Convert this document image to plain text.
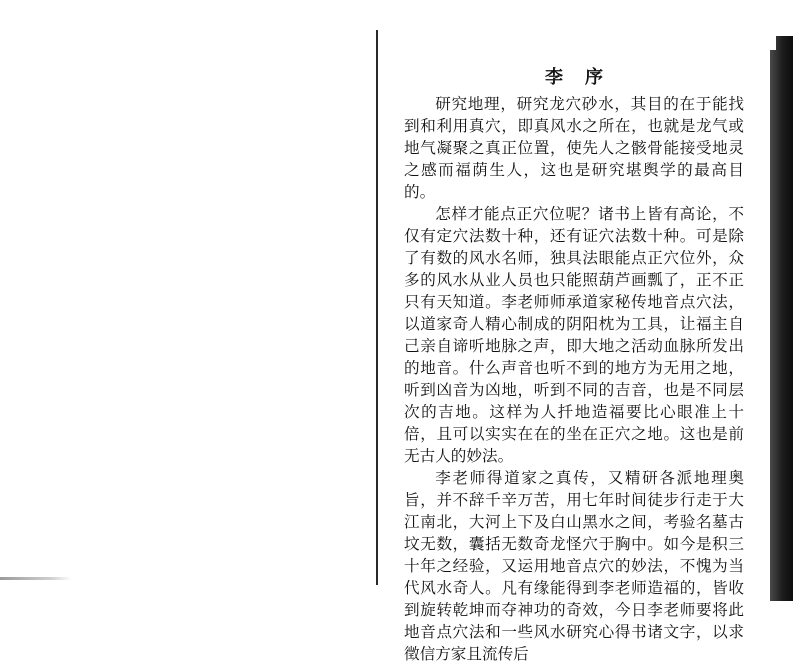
李序

研究地理，研究龙穴砂水，其目的在于能找到和利用真穴，即真风水之所在，也就是龙气或地气凝聚之真正位置，使先人之骸骨能接受地灵之感而福荫生人，这也是研究堪舆学的最高目的。

怎样才能点正穴位呢？诸书上皆有高论，不仅有定穴法数十种，还有证穴法数十种。可是除了有数的风水名师，独具法眼能点正穴位外，众多的风水从业人员也只能照葫芦画瓢了，正不正只有天知道。李老师师承道家秘传地音点穴法，以道家奇人精心制成的阴阳枕为工具，让福主自己亲自谛听地脉之声，即大地之活动血脉所发出的地音。什么声音也听不到的地方为无用之地，听到凶音为凶地，听到不同的吉音，也是不同层次的吉地。这样为人扦地造福要比心眼准上十倍，且可以实实在在的坐在正穴之地。这也是前无古人的妙法。

李老师得道家之真传，又精研各派地理奥旨，并不辞千辛万苦，用七年时间徒步行走于大江南北，大河上下及白山黑水之间，考验名墓古坟无数，囊括无数奇龙怪穴于胸中。如今是积三十年之经验，又运用地音点穴的妙法，不愧为当代风水奇人。凡有缘能得到李老师造福的，皆收到旋转乾坤而夺神功的奇效，今日李老师要将此地音点穴法和一些风水研究心得书诸文字，以求徵信方家且流传后
